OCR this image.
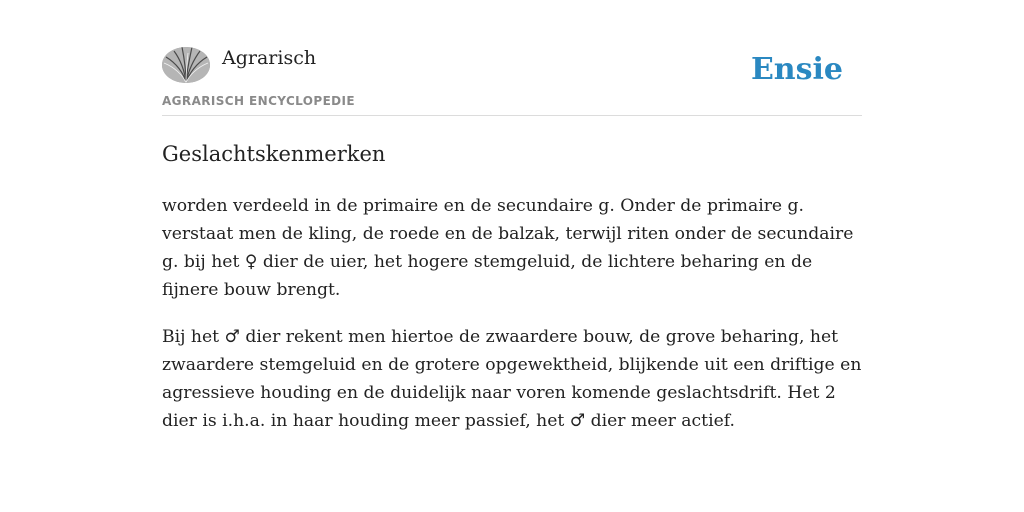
Agrarisch
AGRARISCH ENCYCLOPEDIE
Ensie
Geslachtskenmerken

worden verdeeld in de primaire en de secundaire g. Onder de primaire g. verstaat men de kling, de roede en de balzak, terwijl riten onder de secundaire g. bij het ♀ dier de uier, het hogere stemgeluid, de lichtere beharing en de fijnere bouw brengt.

Bij het ♂ dier rekent men hiertoe de zwaardere bouw, de grove beharing, het zwaardere stemgeluid en de grotere opgewektheid, blijkende uit een driftige en agressieve houding en de duidelijk naar voren komende geslachtsdrift. Het 2 dier is i.h.a. in haar houding meer passief, het ♂ dier meer actief.
